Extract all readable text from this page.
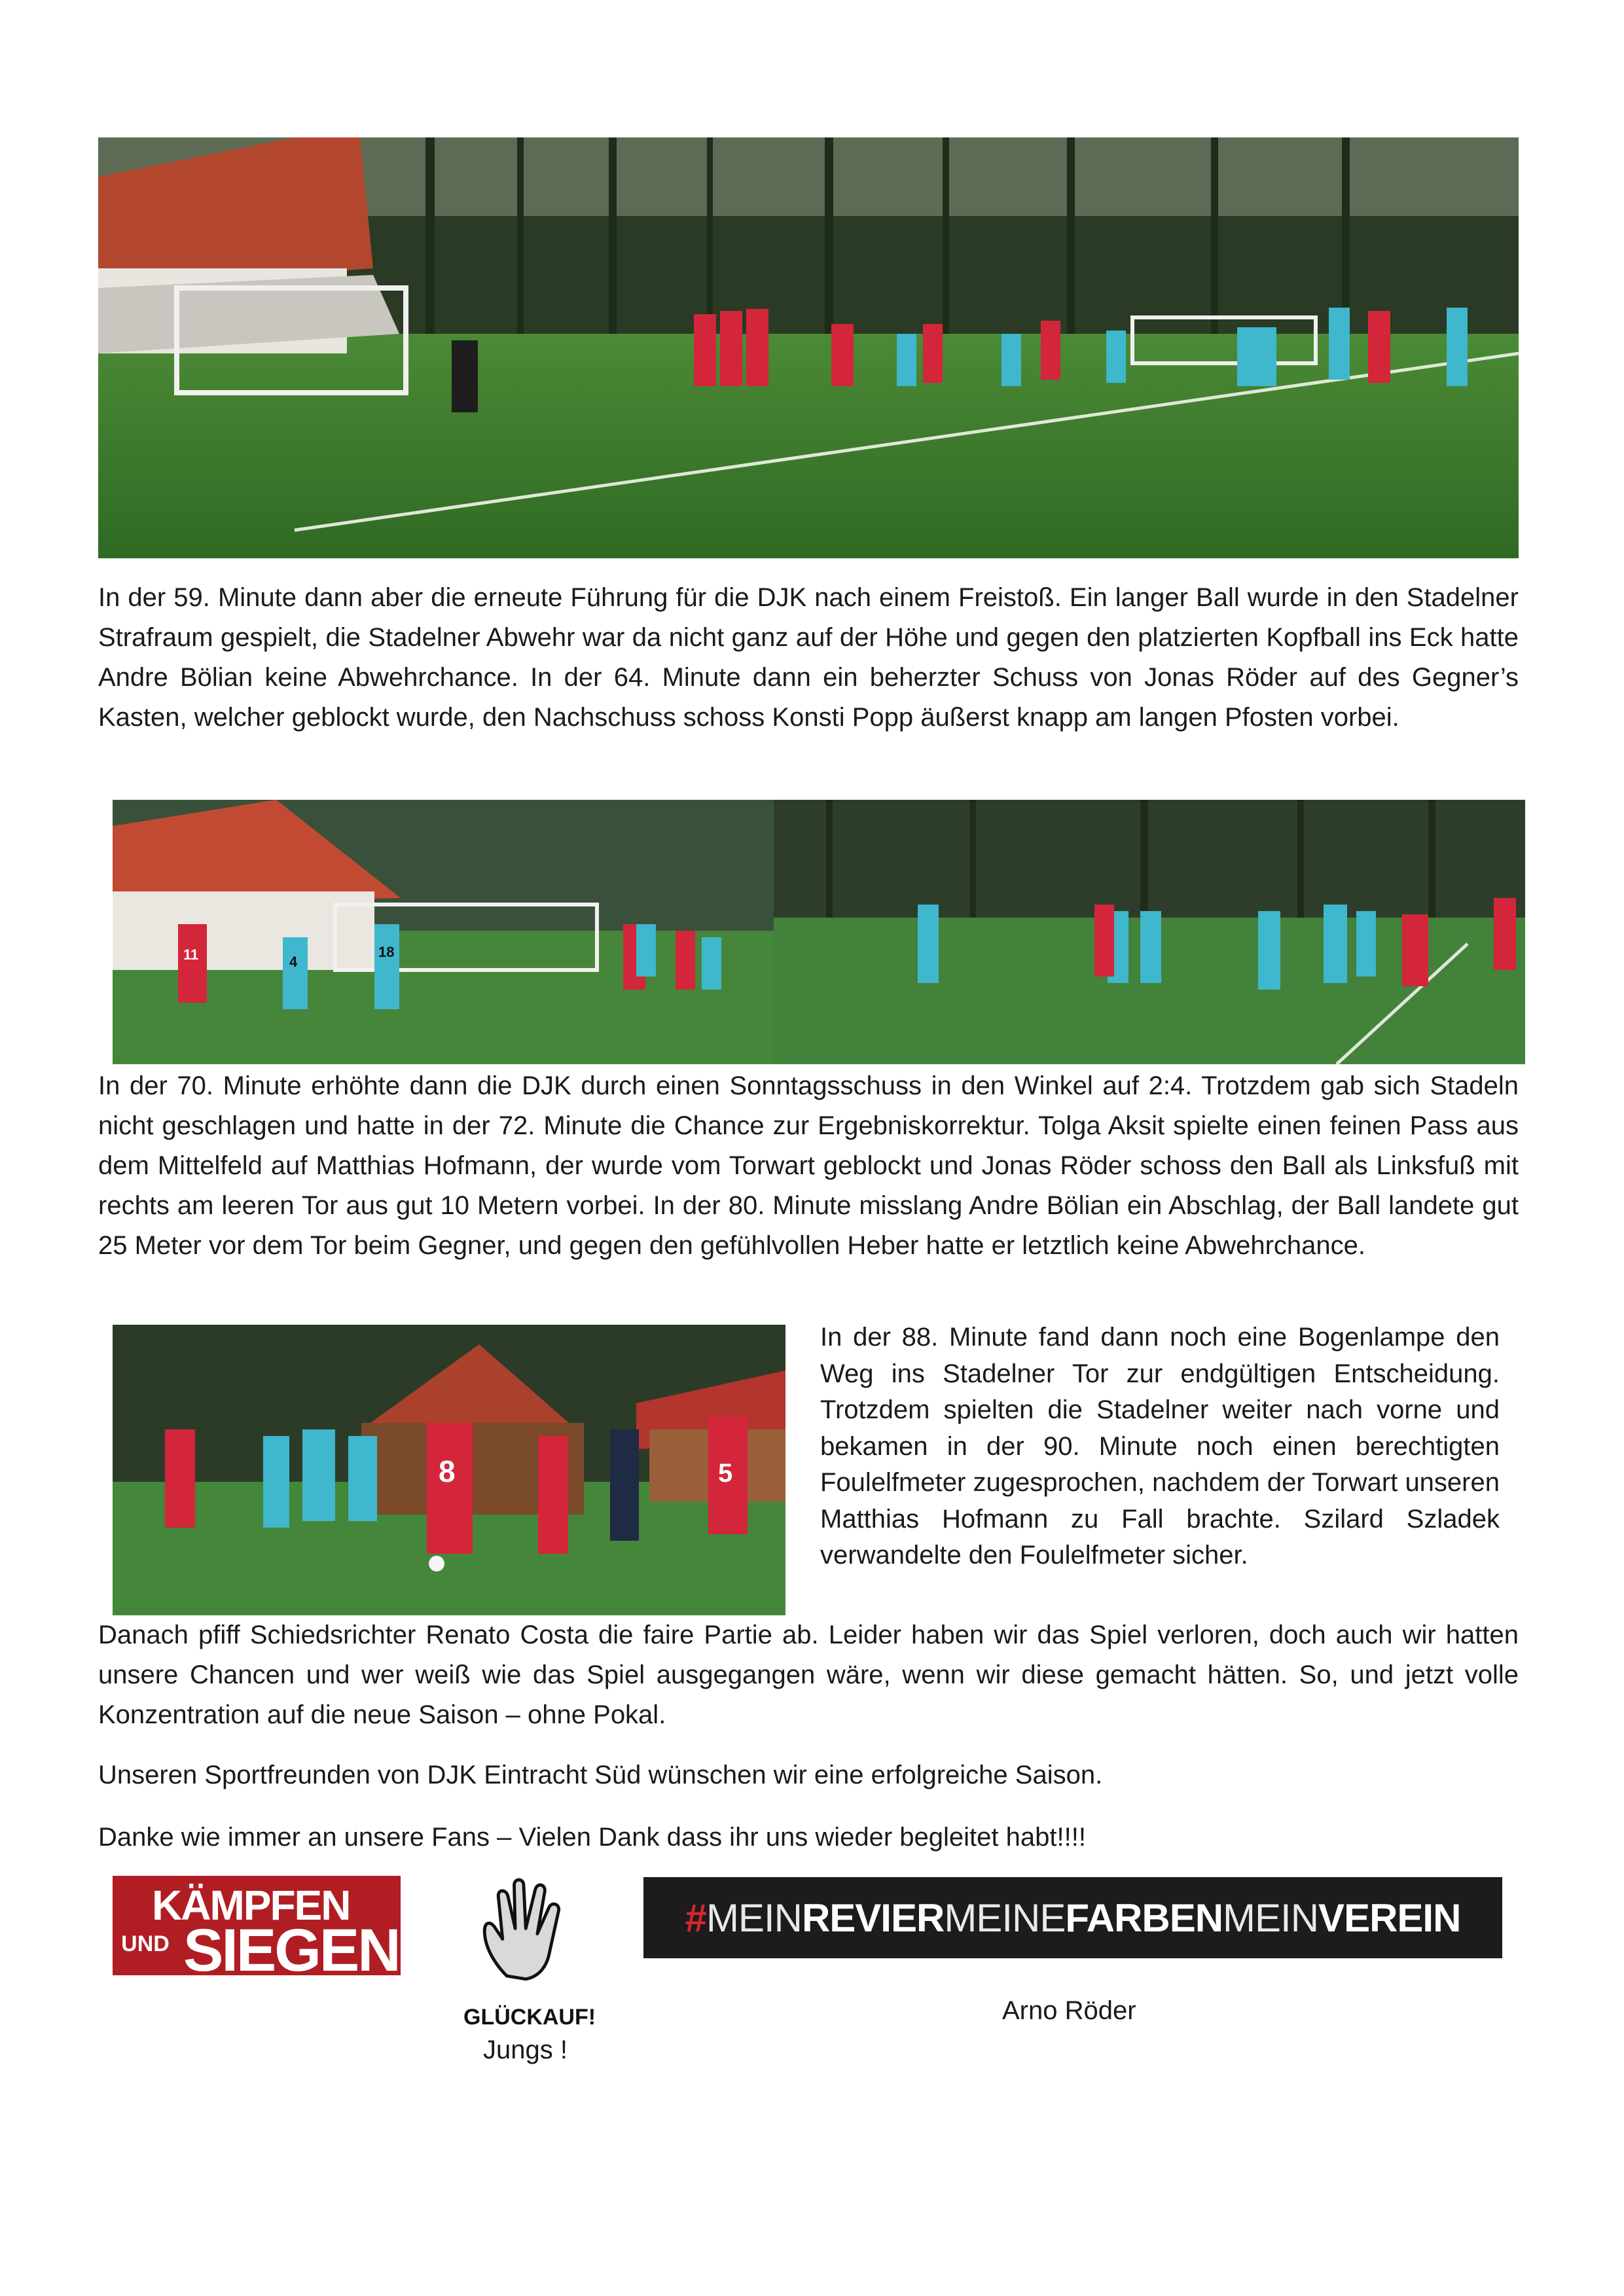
In der 59. Minute dann aber die erneute Führung für die DJK nach einem Freistoß. Ein langer Ball wurde in den Stadelner Strafraum gespielt, die Stadelner Abwehr war da nicht ganz auf der Höhe und gegen den platzierten Kopfball ins Eck hatte Andre Bölian keine Abwehrchance. In der 64. Minute dann ein beherzter Schuss von Jonas Röder auf des Gegner’s Kasten, welcher geblockt wurde, den Nachschuss schoss Konsti Popp äußerst knapp am langen Pfosten vorbei.

11	4
18

In der 70. Minute erhöhte dann die DJK durch einen Sonntagsschuss in den Winkel auf 2:4. Trotzdem gab sich Stadeln nicht geschlagen und hatte in der 72. Minute die Chance zur Ergebniskorrektur. Tolga Aksit spielte einen feinen Pass aus dem Mittelfeld auf Matthias Hofmann, der wurde vom Torwart geblockt und Jonas Röder schoss den Ball als Linksfuß mit rechts am leeren Tor aus gut 10 Metern vorbei. In der 80. Minute misslang Andre Bölian ein Abschlag, der Ball landete gut 25 Meter vor dem Tor beim Gegner, und gegen den gefühlvollen Heber hatte er letztlich keine Abwehrchance.

8	5

In der 88. Minute fand dann noch eine Bogenlampe den Weg ins Stadelner Tor zur endgültigen Entscheidung. Trotzdem spielten die Stadelner weiter nach vorne und bekamen in der 90. Minute noch einen berechtigten Foulelfmeter zugesprochen, nachdem der Torwart unseren Matthias Hofmann zu Fall brachte. Szilard Szladek verwandelte den Foulelfmeter sicher.

Danach pfiff Schiedsrichter Renato Costa die faire Partie ab. Leider haben wir das Spiel verloren, doch auch wir hatten unsere Chancen und wer weiß wie das Spiel ausgegangen wäre, wenn wir diese gemacht hätten. So, und jetzt volle Konzentration auf die neue Saison – ohne Pokal.

Unseren Sportfreunden von DJK Eintracht Süd wünschen wir eine erfolgreiche Saison.

Danke wie immer an unsere Fans – Vielen Dank dass ihr uns wieder begleitet habt!!!!

KÄMPFEN
UND SIEGEN
GLÜCKAUF!
Jungs !
# MEIN REVIER MEINE FARBEN MEIN VEREIN
Arno Röder
